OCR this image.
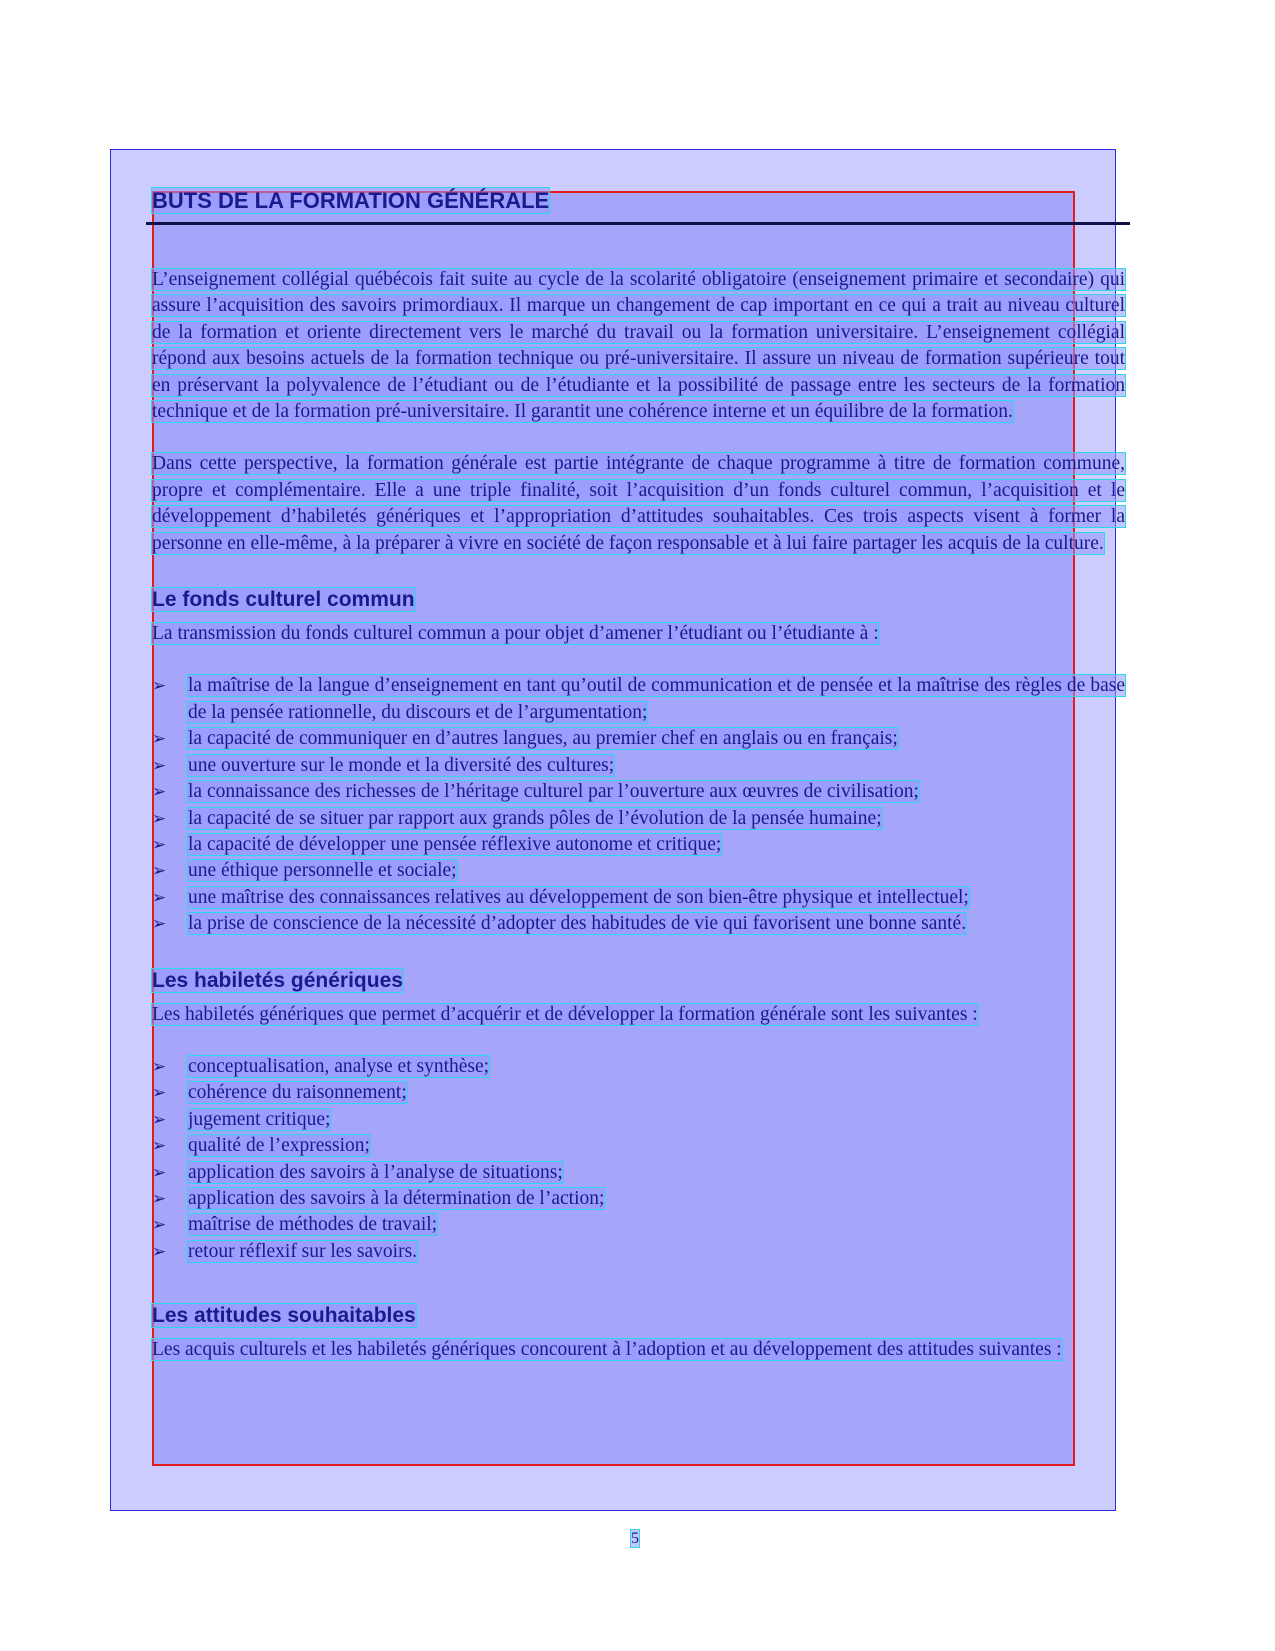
BUTS DE LA FORMATION GÉNÉRALE

L’enseignement collégial québécois fait suite au cycle de la scolarité obligatoire (enseignement primaire et secondaire) qui assure l’acquisition des savoirs primordiaux. Il marque un changement de cap important en ce qui a trait au niveau culturel de la formation et oriente directement vers le marché du travail ou la formation universitaire. L’enseignement collégial répond aux besoins actuels de la formation technique ou pré-universitaire. Il assure un niveau de formation supérieure tout en préservant la polyvalence de l’étudiant ou de l’étudiante et la possibilité de passage entre les secteurs de la formation technique et de la formation pré-universitaire. Il garantit une cohérence interne et un équilibre de la formation.

Dans cette perspective, la formation générale est partie intégrante de chaque programme à titre de formation commune, propre et complémentaire. Elle a une triple finalité, soit l’acquisition d’un fonds culturel commun, l’acquisition et le développement d’habiletés génériques et l’appropriation d’attitudes souhaitables. Ces trois aspects visent à former la personne en elle-même, à la préparer à vivre en société de façon responsable et à lui faire partager les acquis de la culture.

Le fonds culturel commun

La transmission du fonds culturel commun a pour objet d’amener l’étudiant ou l’étudiante à :

➢ la maîtrise de la langue d’enseignement en tant qu’outil de communication et de pensée et la maîtrise des règles de base de la pensée rationnelle, du discours et de l’argumentation;
➢ la capacité de communiquer en d’autres langues, au premier chef en anglais ou en français;
➢ une ouverture sur le monde et la diversité des cultures;
➢ la connaissance des richesses de l’héritage culturel par l’ouverture aux œuvres de civilisation;
➢ la capacité de se situer par rapport aux grands pôles de l’évolution de la pensée humaine;
➢ la capacité de développer une pensée réflexive autonome et critique;
➢ une éthique personnelle et sociale;
➢ une maîtrise des connaissances relatives au développement de son bien-être physique et intellectuel;
➢ la prise de conscience de la nécessité d’adopter des habitudes de vie qui favorisent une bonne santé.
Les habiletés génériques

Les habiletés génériques que permet d’acquérir et de développer la formation générale sont les suivantes :

➢ conceptualisation, analyse et synthèse;
➢ cohérence du raisonnement;
➢ jugement critique;
➢ qualité de l’expression;
➢ application des savoirs à l’analyse de situations;
➢ application des savoirs à la détermination de l’action;
➢ maîtrise de méthodes de travail;
➢ retour réflexif sur les savoirs.
Les attitudes souhaitables

Les acquis culturels et les habiletés génériques concourent à l’adoption et au développement des attitudes suivantes :

5
